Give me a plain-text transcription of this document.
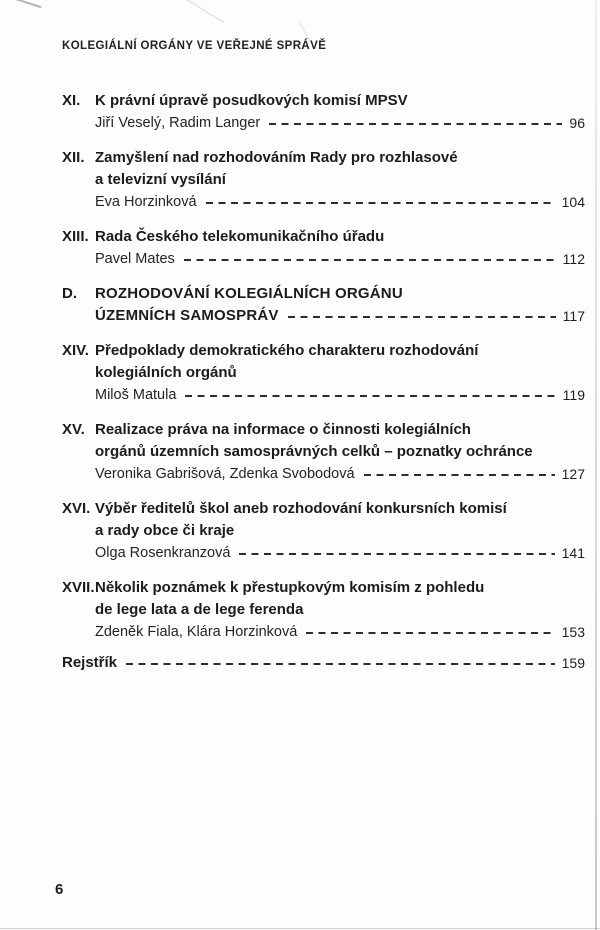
KOLEGIÁLNÍ ORGÁNY VE VEŘEJNÉ SPRÁVĚ
XI. K právní úpravě posudkových komisí MPSV
Jiří Veselý, Radim Langer	96
XII. Zamyšlení nad rozhodováním Rady pro rozhlasové
a televizní vysílání
Eva Horzinková	104
XIII. Rada Českého telekomunikačního úřadu
Pavel Mates	112
D.	ROZHODOVÁNÍ KOLEGIÁLNÍCH ORGÁNU
ÚZEMNÍCH SAMOSPRÁV	117
XIV. Předpoklady demokratického charakteru rozhodování
kolegiálních orgánů
Miloš Matula	119
XV. Realizace práva na informace o činnosti kolegiálních
orgánů územních samosprávných celků – poznatky ochránce
Veronika Gabrišová, Zdenka Svobodová	127
XVI. Výběr ředitelů škol aneb rozhodování konkursních komisí
a rady obce či kraje
Olga Rosenkranzová	141
XVII. Několik poznámek k přestupkovým komisím z pohledu
de lege lata a de lege ferenda
Zdeněk Fiala, Klára Horzinková	153
Rejstřík	159
6
